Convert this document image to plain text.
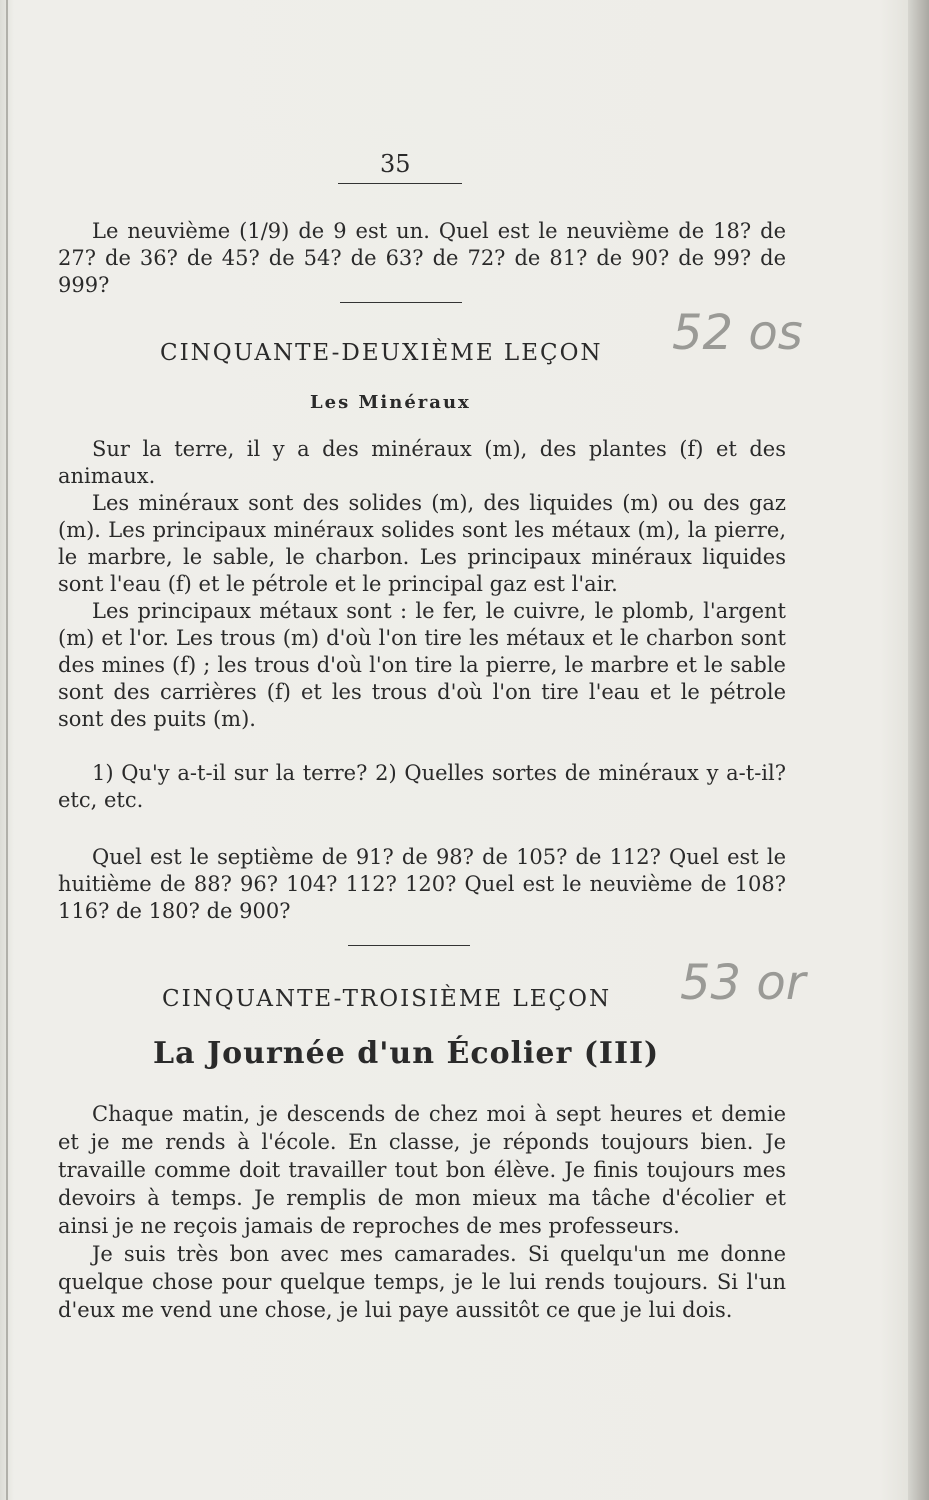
35

Le neuvième (1/9) de 9 est un. Quel est le neuvième de 18? de 27? de 36? de 45? de 54? de 63? de 72? de 81? de 90? de 99? de 999?

CINQUANTE-DEUXIÈME LEÇON 52 os
Les Minéraux

Sur la terre, il y a des minéraux (m), des plantes (f) et des animaux.

Les minéraux sont des solides (m), des liquides (m) ou des gaz (m). Les principaux minéraux solides sont les métaux (m), la pierre, le marbre, le sable, le charbon. Les principaux minéraux liquides sont l'eau (f) et le pétrole et le principal gaz est l'air.

Les principaux métaux sont : le fer, le cuivre, le plomb, l'argent (m) et l'or. Les trous (m) d'où l'on tire les métaux et le charbon sont des mines (f) ; les trous d'où l'on tire la pierre, le marbre et le sable sont des carrières (f) et les trous d'où l'on tire l'eau et le pétrole sont des puits (m).

1) Qu'y a-t-il sur la terre? 2) Quelles sortes de minéraux y a-t-il? etc, etc.

Quel est le septième de 91? de 98? de 105? de 112? Quel est le huitième de 88? 96? 104? 112? 120? Quel est le neuvième de 108? 116? de 180? de 900?

CINQUANTE-TROISIÈME LEÇON 53 or
La Journée d'un Écolier (III)

Chaque matin, je descends de chez moi à sept heures et demie et je me rends à l'école. En classe, je réponds toujours bien. Je travaille comme doit travailler tout bon élève. Je finis toujours mes devoirs à temps. Je remplis de mon mieux ma tâche d'écolier et ainsi je ne reçois jamais de reproches de mes professeurs.

Je suis très bon avec mes camarades. Si quelqu'un me donne quelque chose pour quelque temps, je le lui rends toujours. Si l'un d'eux me vend une chose, je lui paye aussitôt ce que je lui dois.
